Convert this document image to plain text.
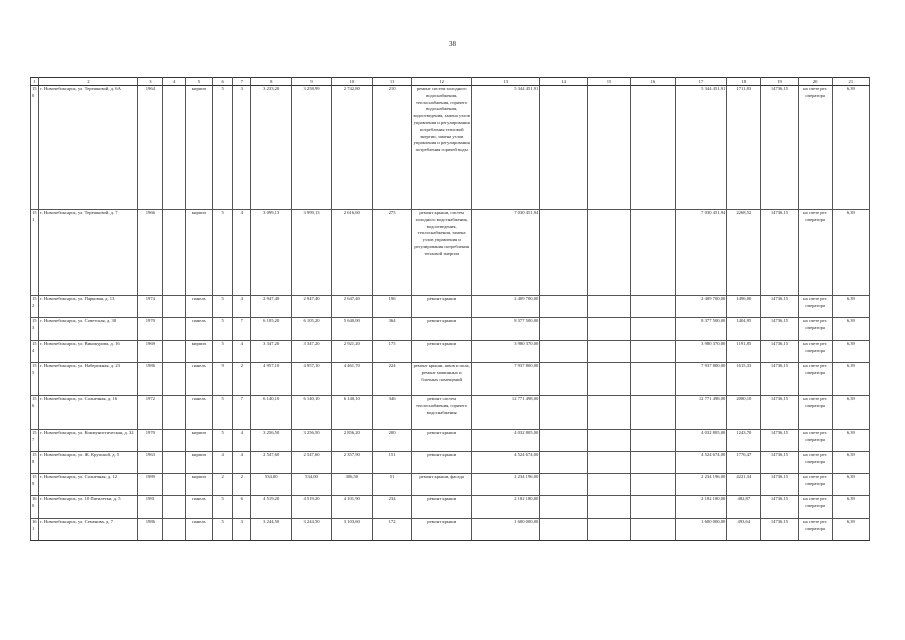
38
1	2	3	4	5	6	7	8	9	10	11	12	13	14	15	16	17	18	19	20	21
150	г. Новочебоксарск, ул. Терешковой, д. 6А	1964		кирпич	5	3	3 233,20	3 258,99	2 742,80	210	ремонт систем холодного водоснабжения, теплоснабжения, горячего водоснабжения, водоотведения, замена узлов управления и регулирования потребления тепловой энергии, замена узлов управления и регулирования потребления горячей воды	5 344 451,91				5 344 451,91	1711,83	14736,15	на счете рег. оператора	6,39
151	г. Новочебоксарск, ул. Терешковой, д. 7	1966		кирпич	5	4	3 099,13	3 999,13	2 616,60	275	ремонт крыши, систем холодного водоснабжения, водоотведения, теплоснабжения, замена узлов управления и регулирования потребления тепловой энергии	7 030 451,94				7 030 451,94	2268,52	14736,15	на счете рег. оператора	6,39
152	г. Новочебоксарск, ул. Парковая, д. 13	1974		панель	5	4	2 947,40	2 947,40	2 647,40	196	ремонт крыши	2 409 700,00				2 409 700,00	1496,00	14736,15	на счете рег. оператора	6,39
153	г. Новочебоксарск, ул. Советская, д. 30	1970		панель	5	7	6 105,20	6 105,20	5 640,00	364	ремонт крыши	8 377 500,00				8 377 500,00	1404,95	14736,15	на счете рег. оператора	6,39
154	г. Новочебоксарск, ул. Винокурова, д. 16	1969		кирпич	5	4	3 347,20	3 347,20	2 921,20	175	ремонт крыши	3 980 370,00				3 980 370,00	1191,85	14736,15	на счете рег. оператора	6,39
155	г. Новочебоксарск, ул. Набережная, д. 23	1986		панель	9	2	4 957,10	4 957,10	4 461,70	224	ремонт крыши, швов и пола, ремонт машинных и блочных помещений	7 937 800,00				7 937 800,00	1615,33	14736,15	на счете рег. оператора	6,39
156	г. Новочебоксарск, ул. Солнечная, д. 16	1972		панель	5	7	6 140,10	6 140,10	6 140,10	346	ремонт систем теплоснабжения, горячего водоснабжения	12 771 498,00				12 771 498,00	2080,10	14736,15	на счете рег. оператора	6,39
157	г. Новочебоксарск, ул. Коммунистическая, д. 32	1970		кирпич	5	4	3 256,50	3 256,50	2 856,20	200	ремонт крыши	4 032 805,00				4 032 805,00	1243,70	14736,15	на счете рег. оператора	6,39
158	г. Новочебоксарск, ул. Ж. Крупской, д. 5	1963		кирпич	4	4	2 547,60	2 547,60	2 357,90	151	ремонт крыши	4 524 674,00				4 524 674,00	1776,47	14736,15	на счете рег. оператора	6,39
159	г. Новочебоксарск, ул. Солнечная, д. 12	1989		кирпич	2	2	534,00	534,00	306,50	51	ремонт крыши, фасада	2 234 196,00				2 234 196,00	4221,34	14736,15	на счете рег. оператора	6,39
160	г. Новочебоксарск, ул. 10 Пятилетки, д. 5	1981		панель	5	6	4 519,20	4 519,20	4 101,90	234	ремонт крыши	2 182 180,00				2 182 180,00	482,87	14736,15	на счете рег. оператора	6,39
161	г. Новочебоксарск, ул. Семенова, д. 7	1986		панель	5	3	3 244,50	3 244,50	3 103,60	172	ремонт крыши	1 600 000,00				1 600 000,00	493,64	14736,15	на счете рег. оператора	6,39
